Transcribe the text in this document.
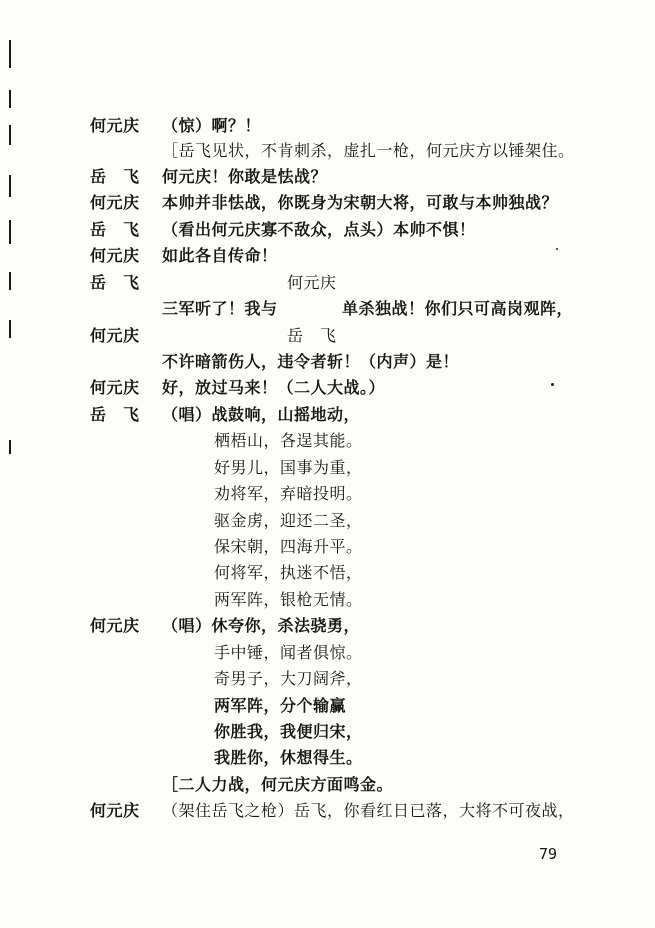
何元庆 （惊）啊？！
［岳飞见状，不肯刺杀，虚扎一枪，何元庆方以锤架住。
岳　飞 何元庆！你敢是怯战？
何元庆 本帅并非怯战，你既身为宋朝大将，可敢与本帅独战？
岳　飞 （看出何元庆寡不敌众，点头）本帅不惧！
何元庆 如此各自传命！
岳　飞	何元庆
三军听了！我与	单杀独战！你们只可高岗观阵，
何元庆	岳　飞
不许暗箭伤人，违令者斩！（内声）是！
何元庆 好，放过马来！（二人大战。）
岳　飞 （唱）战鼓响，山摇地动，
栖梧山，各逞其能。
好男儿，国事为重，
劝将军，弃暗投明。
驱金虏，迎还二圣，
保宋朝，四海升平。
何将军，执迷不悟，
两军阵，银枪无情。
何元庆 （唱）休夸你，杀法骁勇，
手中锤，闻者俱惊。
奇男子，大刀阔斧，
两军阵，分个输赢
你胜我，我便归宋，
我胜你，休想得生。
［二人力战，何元庆方面鸣金。
何元庆 （架住岳飞之枪）岳飞，你看红日已落，大将不可夜战，
79
